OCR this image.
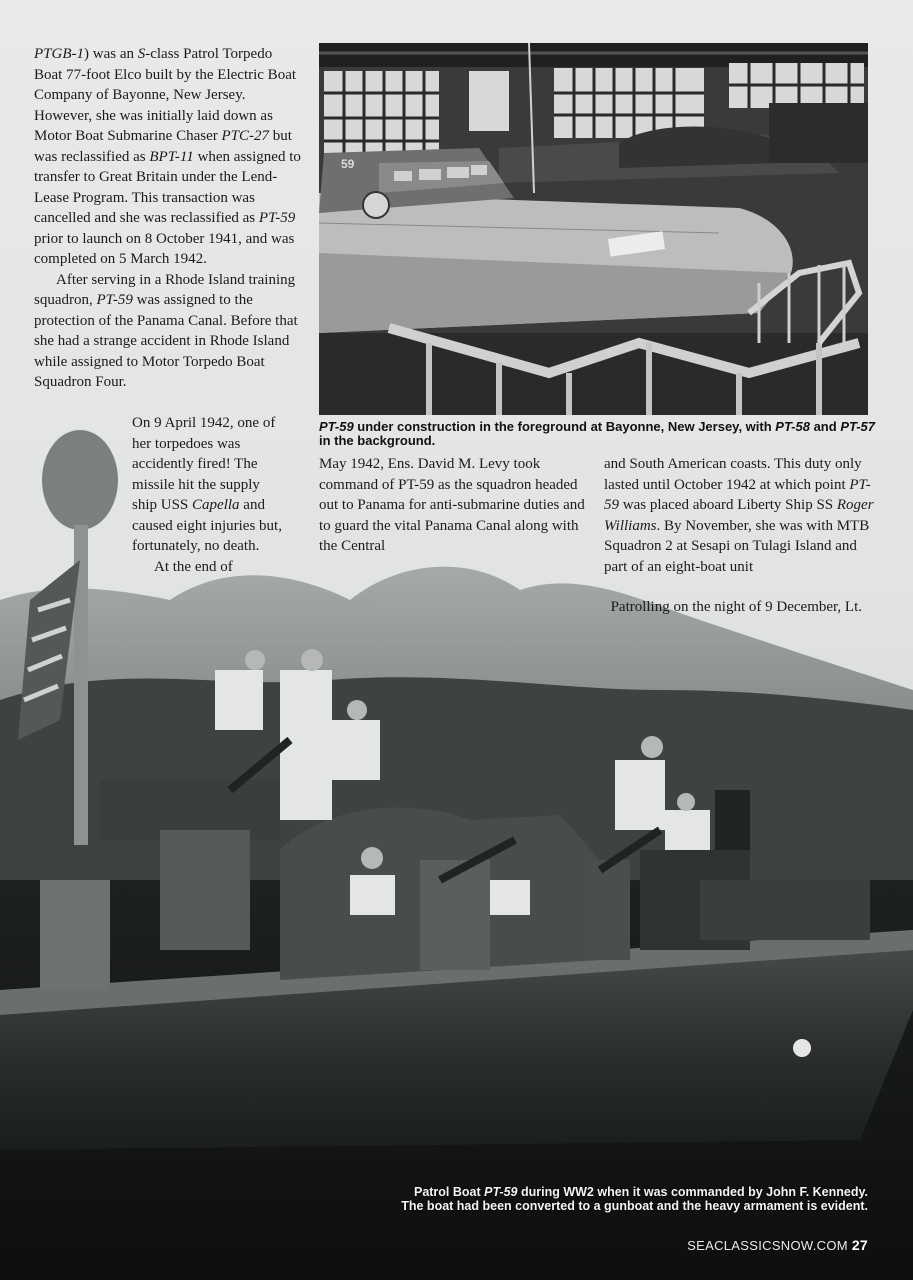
59

PTGB-1) was an S-class Patrol Torpedo Boat 77-foot Elco built by the Electric Boat Company of Bayonne, New Jersey. However, she was initially laid down as Motor Boat Submarine Chaser PTC-27 but was reclassified as BPT-11 when assigned to transfer to Great Britain under the Lend-Lease Program. This transaction was cancelled and she was reclassified as PT-59 prior to launch on 8 October 1941, and was completed on 5 March 1942.

After serving in a Rhode Island training squadron, PT-59 was assigned to the protection of the Panama Canal. Before that she had a strange accident in Rhode Island while assigned to Motor Torpedo Boat Squadron Four.

On 9 April 1942, one of her torpedoes was accidently fired! The missile hit the supply ship USS Capella and caused eight injuries but, fortunately, no death.

At the end of

PT-59 under construction in the foreground at Bayonne, New Jersey, with PT-58 and PT-57 in the background.

May 1942, Ens. David M. Levy took command of PT-59 as the squadron headed out to Panama for anti-submarine duties and to guard the vital Panama Canal along with the Central

and South American coasts. This duty only lasted until October 1942 at which point PT-59 was placed aboard Liberty Ship SS Roger Williams. By November, she was with MTB Squadron 2 at Sesapi on Tulagi Island and part of an eight-boat unit

Patrolling on the night of 9 December, Lt.

Patrol Boat PT-59 during WW2 when it was commanded by John F. Kennedy. The boat had been converted to a gunboat and the heavy armament is evident.
SEACLASSICSNOW.COM 27
